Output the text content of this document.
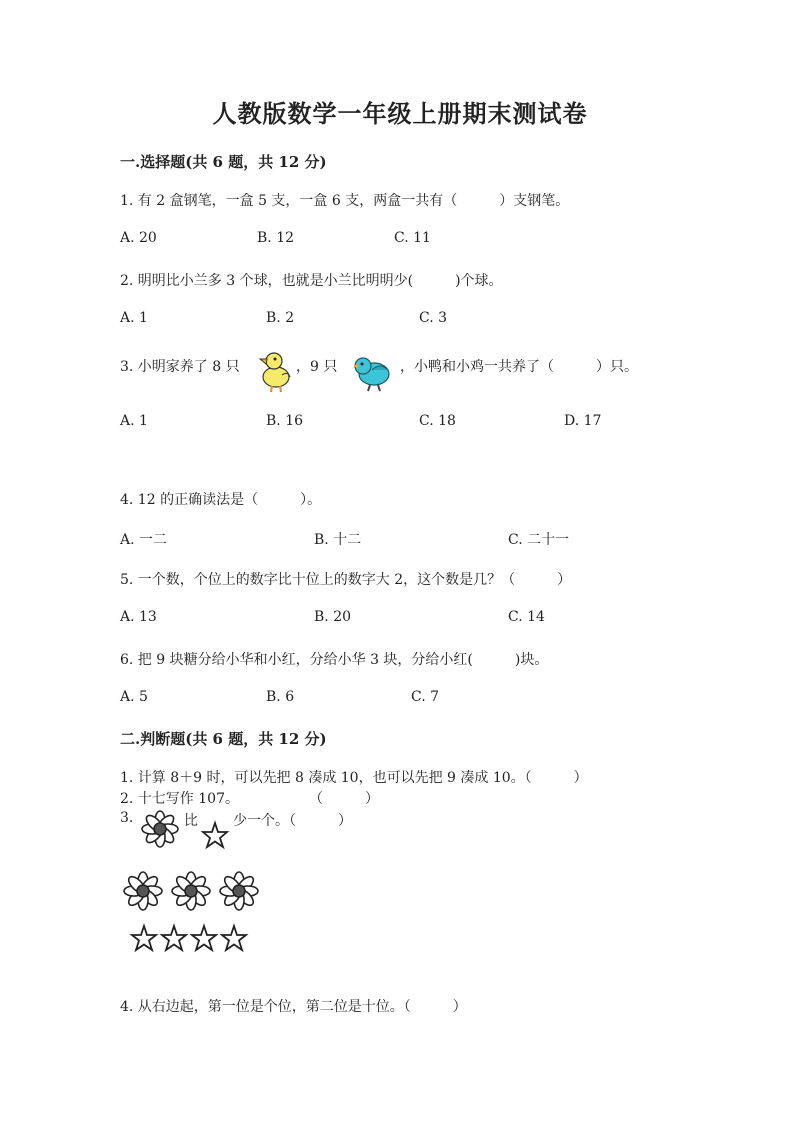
人教版数学一年级上册期末测试卷
一.选择题(共 6 题，共 12 分)
1. 有 2 盒钢笔，一盒 5 支，一盒 6 支，两盒一共有（　　　）支钢笔。
A. 20	B. 12	C. 11
2. 明明比小兰多 3 个球，也就是小兰比明明少(　　　)个球。
A. 1	B. 2	C. 3
3. 小明家养了 8 只	，9 只	，小鸭和小鸡一共养了（　　　）只。
A. 1	B. 16	C. 18	D. 17
4. 12 的正确读法是（　　　）。
A. 一二	B. 十二	C. 二十一
5. 一个数，个位上的数字比十位上的数字大 2，这个数是几？（　　　）
A. 13	B. 20	C. 14
6. 把 9 块糖分给小华和小红，分给小华 3 块，分给小红(　　　)块。
A. 5	B. 6	C. 7
二.判断题(共 6 题，共 12 分)
1. 计算 8＋9 时，可以先把 8 凑成 10，也可以先把 9 凑成 10。（　　　）
2. 十七写作 107。　　　　　　（　　　）
3.	比	少一个。（　　　）
4. 从右边起，第一位是个位，第二位是十位。（　　　）
